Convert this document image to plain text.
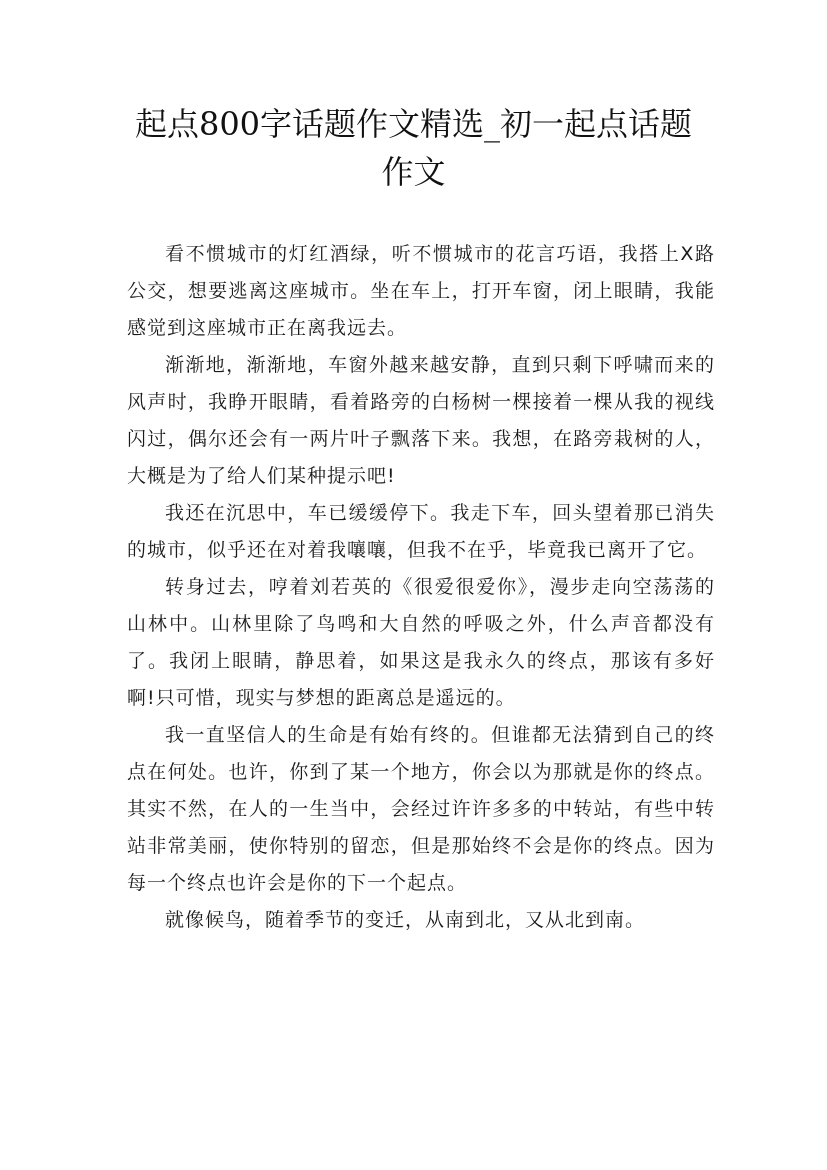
起点800字话题作文精选_初一起点话题作文

看不惯城市的灯红酒绿，听不惯城市的花言巧语，我搭上X路公交，想要逃离这座城市。坐在车上，打开车窗，闭上眼睛，我能感觉到这座城市正在离我远去。

渐渐地，渐渐地，车窗外越来越安静，直到只剩下呼啸而来的风声时，我睁开眼睛，看着路旁的白杨树一棵接着一棵从我的视线闪过，偶尔还会有一两片叶子飘落下来。我想，在路旁栽树的人，大概是为了给人们某种提示吧!

我还在沉思中，车已缓缓停下。我走下车，回头望着那已消失的城市，似乎还在对着我嚷嚷，但我不在乎，毕竟我已离开了它。

转身过去，哼着刘若英的《很爱很爱你》，漫步走向空荡荡的山林中。山林里除了鸟鸣和大自然的呼吸之外，什么声音都没有了。我闭上眼睛，静思着，如果这是我永久的终点，那该有多好啊!只可惜，现实与梦想的距离总是遥远的。

我一直坚信人的生命是有始有终的。但谁都无法猜到自己的终点在何处。也许，你到了某一个地方，你会以为那就是你的终点。其实不然，在人的一生当中，会经过许许多多的中转站，有些中转站非常美丽，使你特别的留恋，但是那始终不会是你的终点。因为每一个终点也许会是你的下一个起点。

就像候鸟，随着季节的变迁，从南到北，又从北到南。
